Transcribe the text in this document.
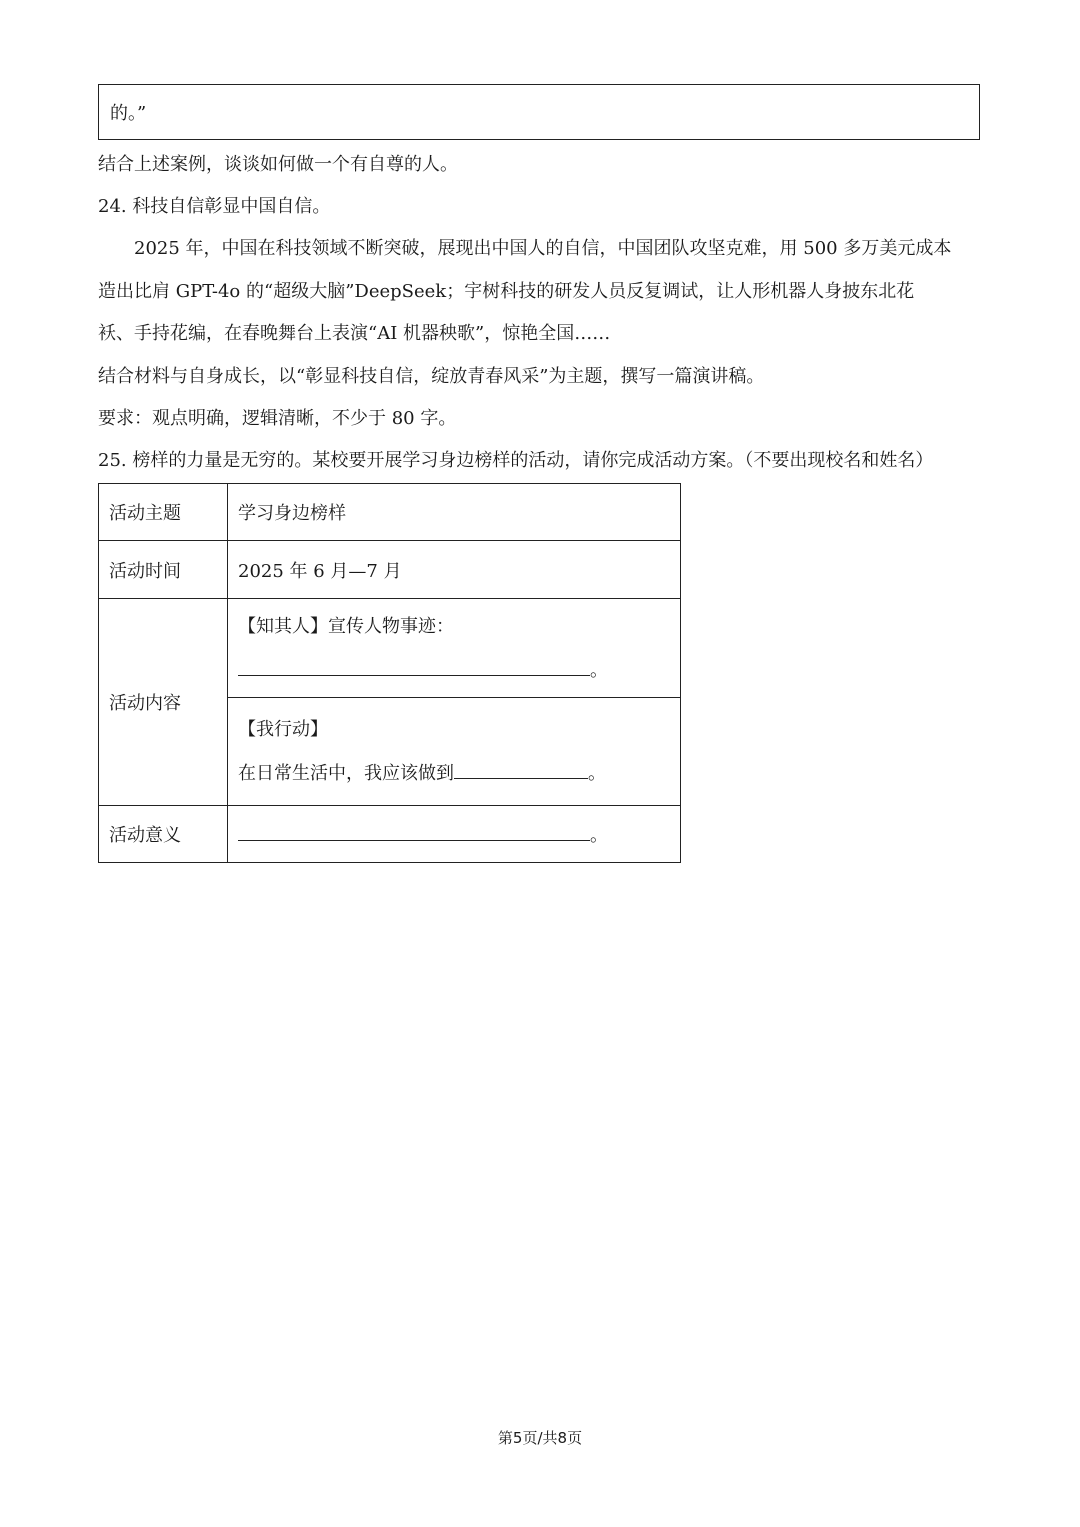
的。”
结合上述案例，谈谈如何做一个有自尊的人。
24. 科技自信彰显中国自信。
2025 年，中国在科技领域不断突破，展现出中国人的自信，中国团队攻坚克难，用 500 多万美元成本
造出比肩 GPT-4o 的“超级大脑”DeepSeek；宇树科技的研发人员反复调试，让人形机器人身披东北花
袄、手持花编，在春晚舞台上表演“AI 机器秧歌”，惊艳全国……
结合材料与自身成长，以“彰显科技自信，绽放青春风采”为主题，撰写一篇演讲稿。
要求：观点明确，逻辑清晰，不少于 80 字。
25. 榜样的力量是无穷的。某校要开展学习身边榜样的活动，请你完成活动方案。（不要出现校名和姓名）
活动主题	学习身边榜样
活动时间	2025 年 6 月—7 月
活动内容	【知其人】宣传人物事迹：
。

	【我行动】
在日常生活中，我应该做到 。

活动意义	。
第5页/共8页
